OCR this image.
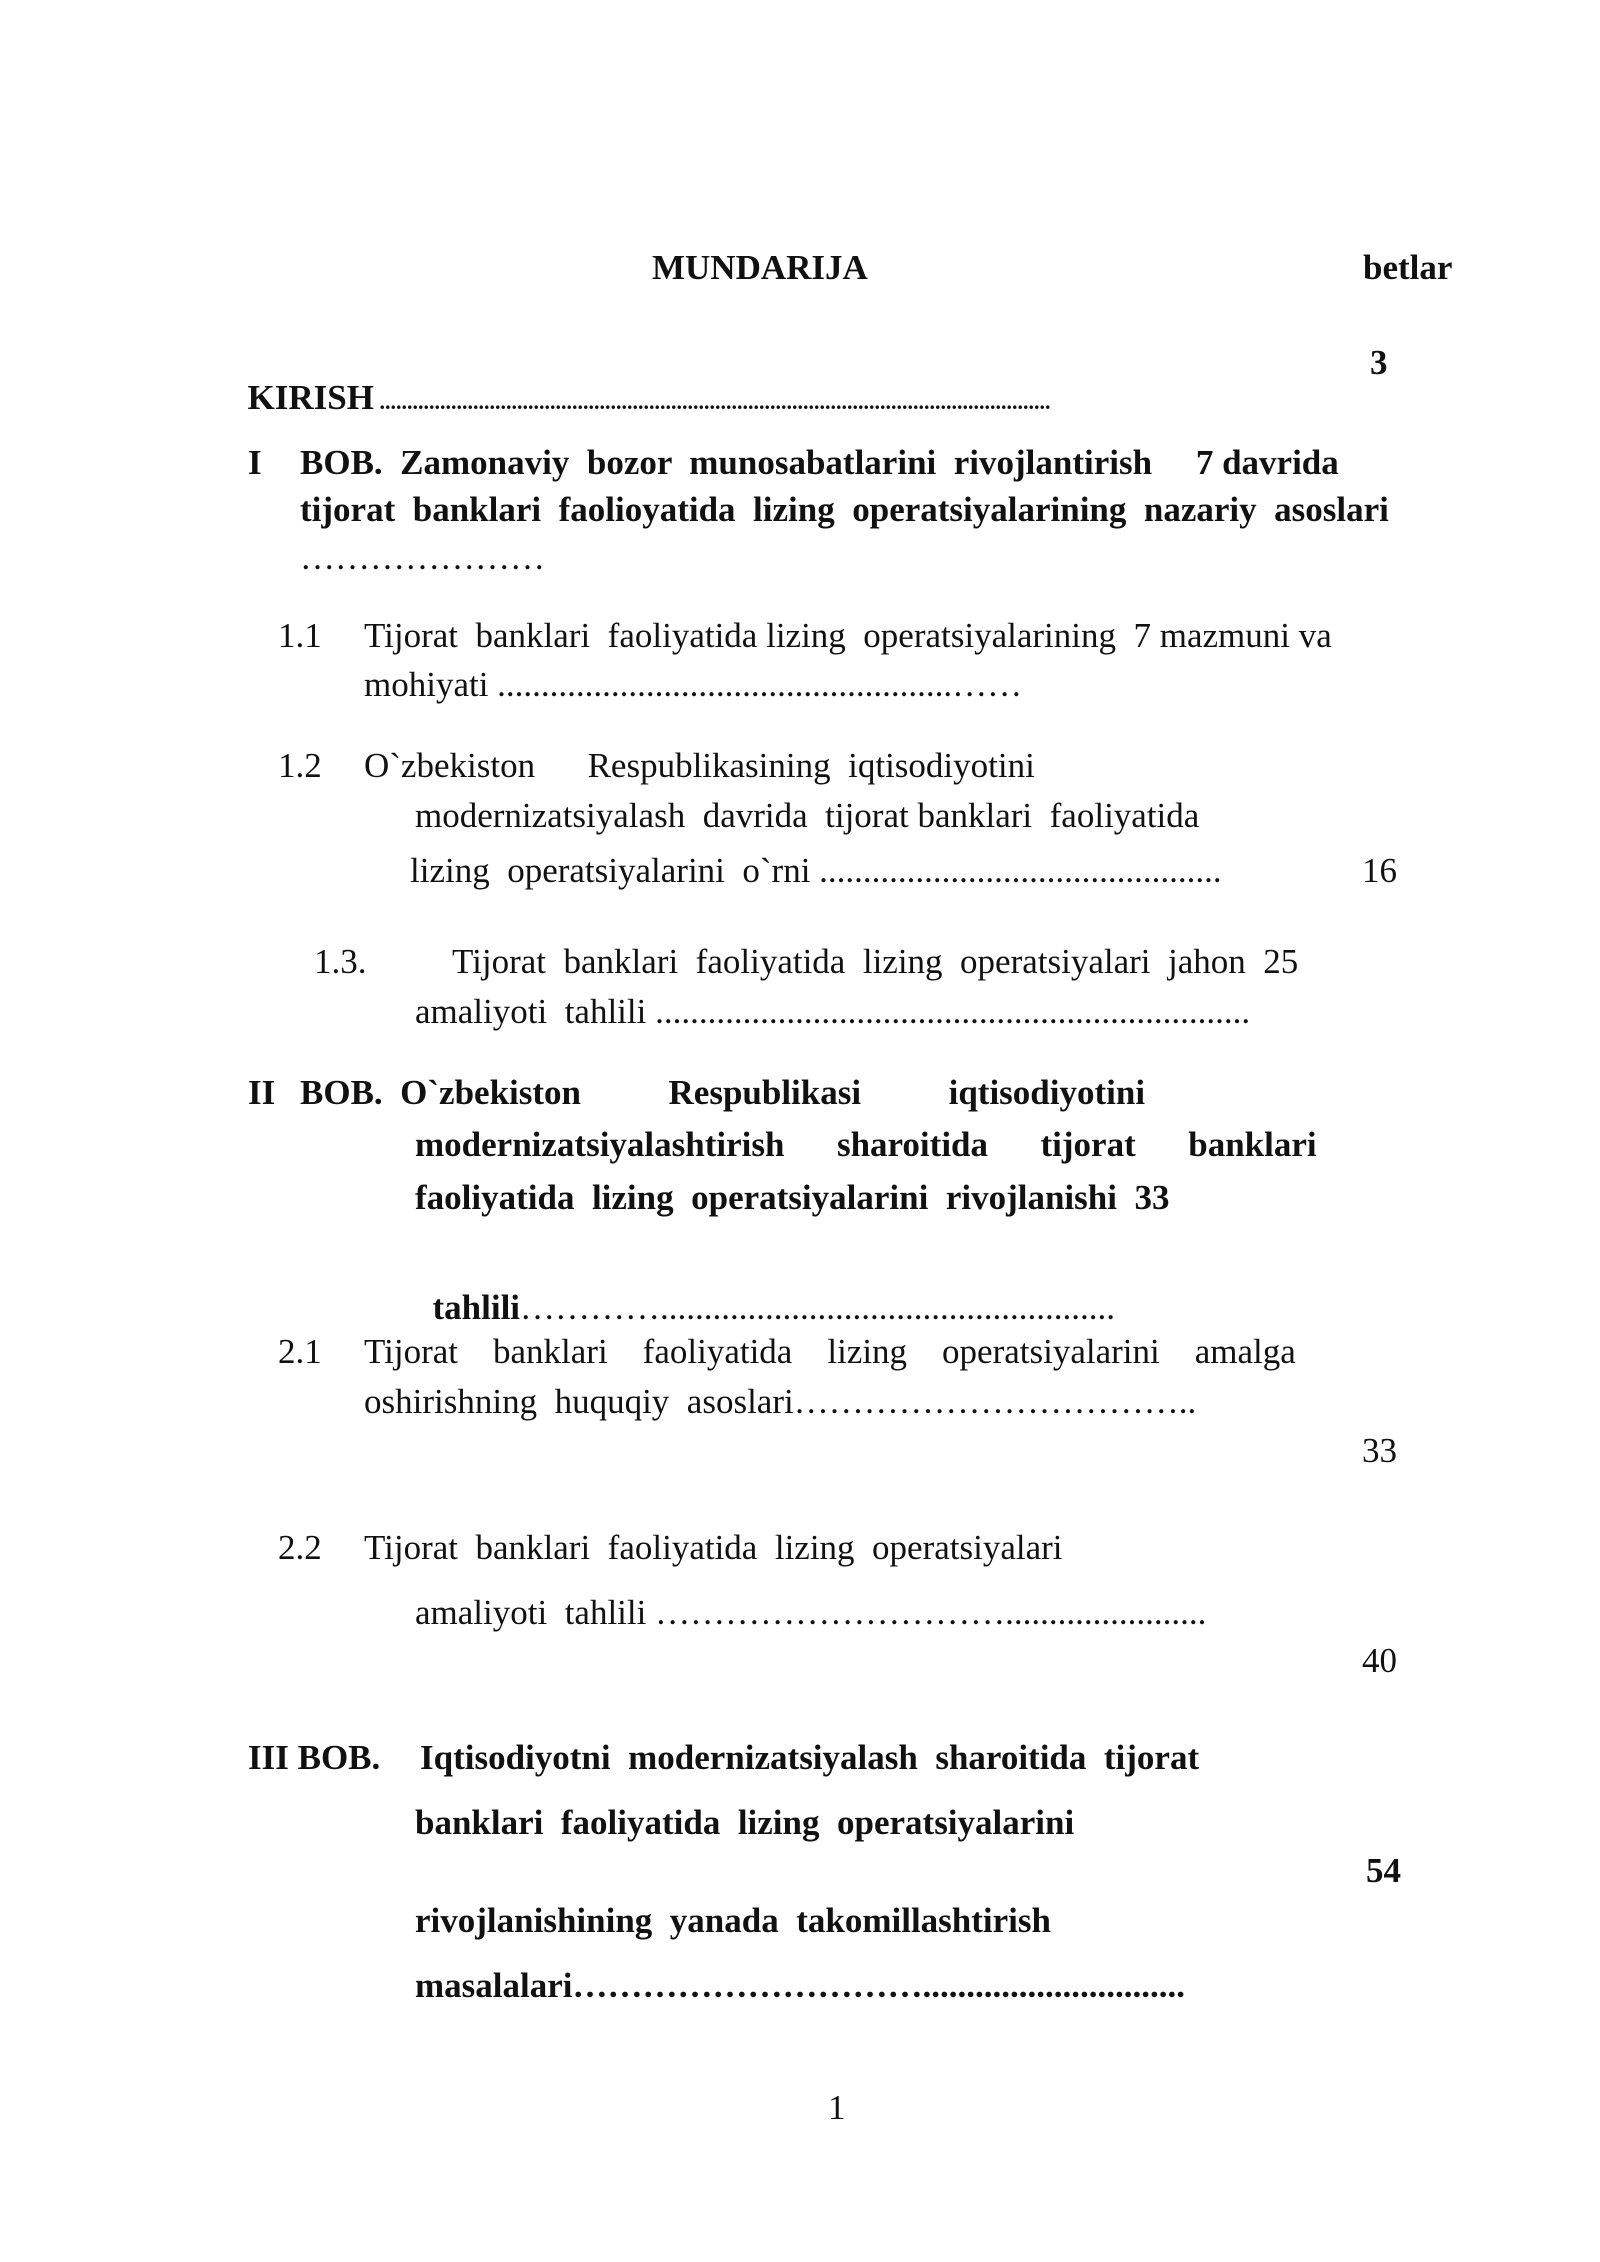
MUNDARIJA	betlar

KIRISH ..........................................................................................................................

3
I BOB.  Zamonaviy  bozor  munosabatlarini  rivojlantirish     7 davrida
tijorat  banklari  faolioyatida  lizing  operatsiyalarining  nazariy  asoslari
…………………
1.1 Tijorat  banklari  faoliyatida lizing  operatsiyalarining  7 mazmuni va
mohiyati ....................................................……
1.2 O`zbekiston      Respublikasining  iqtisodiyotini
modernizatsiyalash  davrida  tijorat banklari  faoliyatida
lizing  operatsiyalarini  o`rni ..............................................	16
1.3. Tijorat  banklari  faoliyatida  lizing  operatsiyalari  jahon  25
amaliyoti  tahlili ....................................................................
II BOB.  O`zbekiston          Respublikasi          iqtisodiyotini
modernizatsiyalashtirish      sharoitida      tijorat      banklari
faoliyatida  lizing  operatsiyalarini  rivojlanishi  33

tahlili…………....................................................

2.1 Tijorat    banklari    faoliyatida    lizing    operatsiyalarini    amalga
oshirishning  huquqiy  asoslari……………………………..
33
2.2 Tijorat  banklari  faoliyatida  lizing  operatsiyalari
amaliyoti  tahlili ………………………….......................
40
III BOB. Iqtisodiyotni  modernizatsiyalash  sharoitida  tijorat
banklari  faoliyatida  lizing  operatsiyalarini
54
rivojlanishining  yanada  takomillashtirish
masalalari…………………………..............................
1
